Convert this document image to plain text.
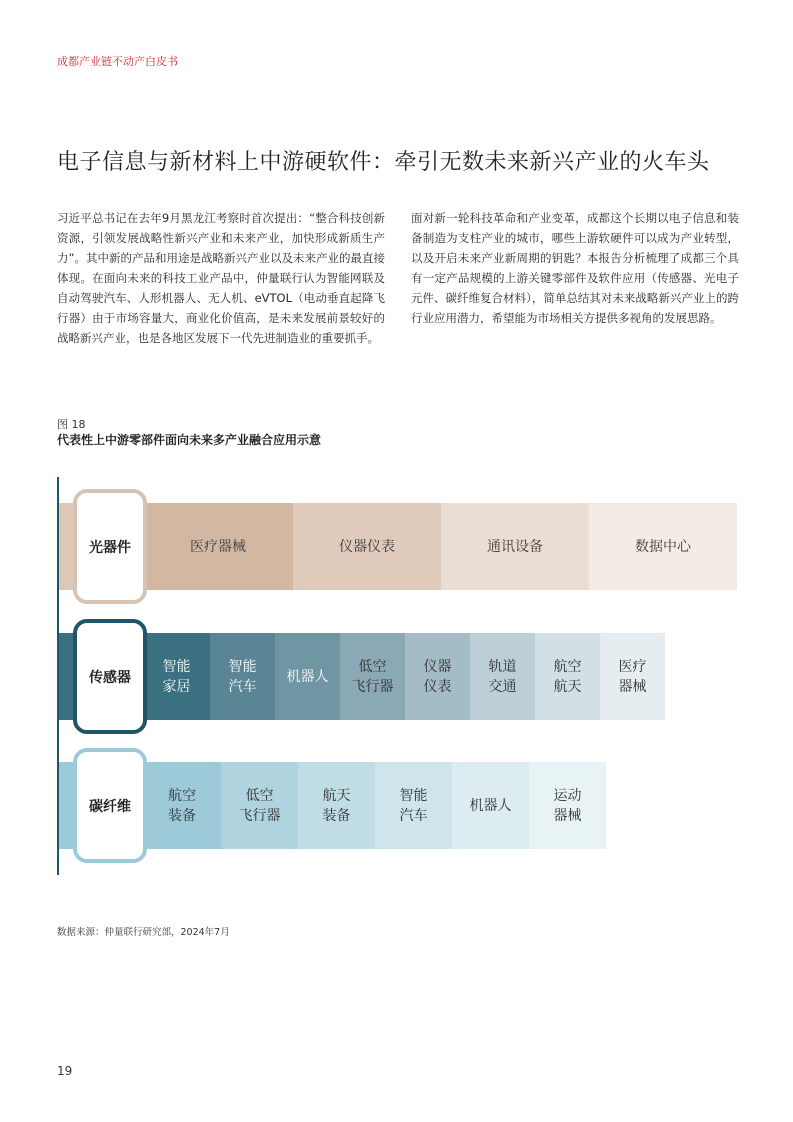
成都产业链不动产白皮书
电子信息与新材料上中游硬软件：牵引无数未来新兴产业的火车头
习近平总书记在去年9月黑龙江考察时首次提出：“整合科技创新资源，引领发展战略性新兴产业和未来产业，加快形成新质生产力”。其中新的产品和用途是战略新兴产业以及未来产业的最直接体现。在面向未来的科技工业产品中，仲量联行认为智能网联及自动驾驶汽车、人形机器人、无人机、eVTOL（电动垂直起降飞行器）由于市场容量大，商业化价值高，是未来发展前景较好的战略新兴产业，也是各地区发展下一代先进制造业的重要抓手。
面对新一轮科技革命和产业变革，成都这个长期以电子信息和装备制造为支柱产业的城市，哪些上游软硬件可以成为产业转型，以及开启未来产业新周期的钥匙？本报告分析梳理了成都三个具有一定产品规模的上游关键零部件及软件应用（传感器、光电子元件、碳纤维复合材料），简单总结其对未来战略新兴产业上的跨行业应用潜力，希望能为市场相关方提供多视角的发展思路。
图 18
代表性上中游零部件面向未来多产业融合应用示意
医疗器械	仪器仪表	通讯设备	数据中心
光器件
智能
家居
智能
汽车
机器人
低空
飞行器
仪器
仪表
轨道
交通
航空
航天
医疗
器械
传感器
航空
装备
低空
飞行器
航天
装备
智能
汽车
机器人
运动
器械
碳纤维
数据来源：仲量联行研究部，2024年7月
19
